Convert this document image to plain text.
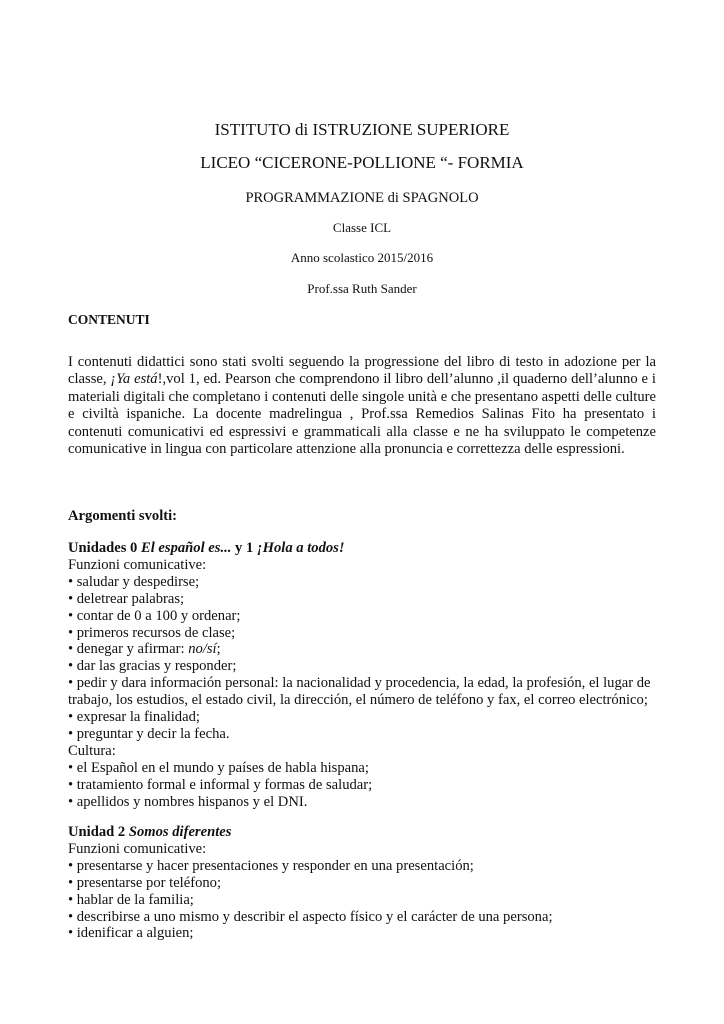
ISTITUTO di ISTRUZIONE SUPERIORE

LICEO “CICERONE-POLLIONE “- FORMIA

PROGRAMMAZIONE di SPAGNOLO

Classe ICL

Anno scolastico 2015/2016

Prof.ssa Ruth Sander

CONTENUTI

I contenuti didattici sono stati svolti seguendo la progressione del libro di testo in adozione per la classe, ¡Ya está!,vol 1, ed. Pearson che comprendono il libro dell’alunno ,il quaderno dell’alunno e i materiali digitali che completano i contenuti delle singole unità e che presentano aspetti delle culture e civiltà ispaniche. La docente madrelingua , Prof.ssa Remedios Salinas Fito ha presentato i contenuti comunicativi ed espressivi e grammaticali alla classe e ne ha sviluppato le competenze comunicative in lingua con particolare attenzione alla pronuncia e correttezza delle espressioni.

Argomenti svolti:

Unidades 0 El español es... y 1 ¡Hola a todos!

Funzioni comunicative:

• saludar y despedirse;

• deletrear palabras;

• contar de 0 a 100 y ordenar;

• primeros recursos de clase;

• denegar y afirmar: no/sí;

• dar las gracias y responder;

• pedir y dara información personal: la nacionalidad y procedencia, la edad, la profesión, el lugar de trabajo, los estudios, el estado civil, la dirección, el número de teléfono y fax, el correo electrónico;

• expresar la finalidad;

• preguntar y decir la fecha.

Cultura:

• el Español en el mundo y países de habla hispana;

• tratamiento formal e informal y formas de saludar;

• apellidos y nombres hispanos y el DNI.

Unidad 2 Somos diferentes

Funzioni comunicative:

• presentarse y hacer presentaciones y responder en una presentación;

• presentarse por teléfono;

• hablar de la familia;

• describirse a uno mismo y describir el aspecto físico y el carácter de una persona;

• idenificar a alguien;
